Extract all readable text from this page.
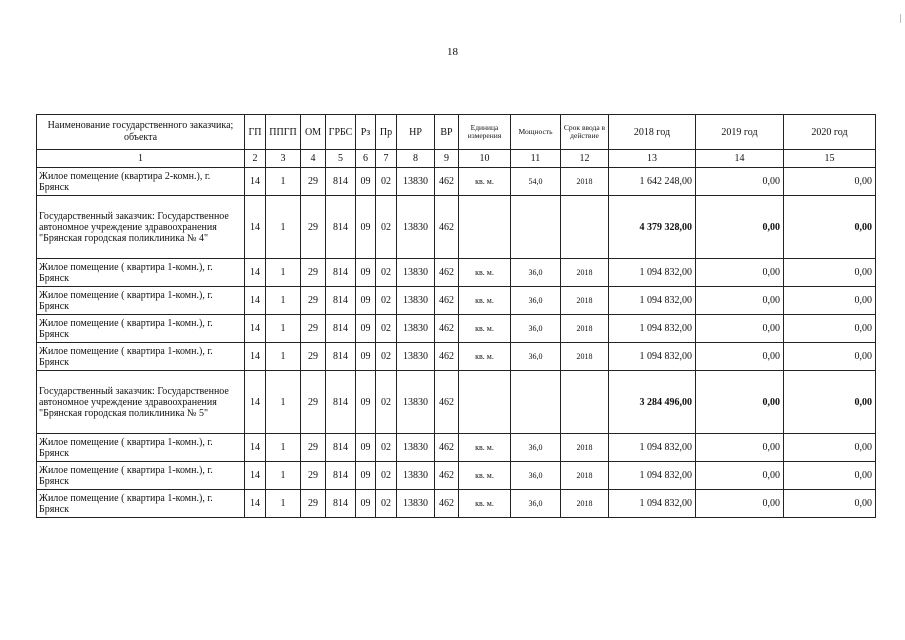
18
Наименование государственного заказчика; объекта	ГП	ППГП	ОМ	ГРБС	Рз	Пр	НР	ВР	Единица измерения	Мощность	Срок ввода в действие	2018 год	2019 год	2020 год
1	2	3	4	5	6	7	8	9	10	11	12	13	14	15
Жилое помещение (квартира 2-комн.), г. Брянск	14	1	29	814	09	02	13830	462	кв. м.	54,0	2018	1 642 248,00	0,00	0,00
Государственный заказчик: Государственное автономное учреждение здравоохранения "Брянская городская поликлиника № 4"	14	1	29	814	09	02	13830	462				4 379 328,00	0,00	0,00
Жилое помещение ( квартира 1-комн.), г. Брянск	14	1	29	814	09	02	13830	462	кв. м.	36,0	2018	1 094 832,00	0,00	0,00
Жилое помещение ( квартира 1-комн.), г. Брянск	14	1	29	814	09	02	13830	462	кв. м.	36,0	2018	1 094 832,00	0,00	0,00
Жилое помещение ( квартира 1-комн.), г. Брянск	14	1	29	814	09	02	13830	462	кв. м.	36,0	2018	1 094 832,00	0,00	0,00
Жилое помещение ( квартира 1-комн.), г. Брянск	14	1	29	814	09	02	13830	462	кв. м.	36,0	2018	1 094 832,00	0,00	0,00
Государственный заказчик: Государственное автономное учреждение здравоохранения "Брянская городская поликлиника № 5"	14	1	29	814	09	02	13830	462				3 284 496,00	0,00	0,00
Жилое помещение ( квартира 1-комн.), г. Брянск	14	1	29	814	09	02	13830	462	кв. м.	36,0	2018	1 094 832,00	0,00	0,00
Жилое помещение ( квартира 1-комн.), г. Брянск	14	1	29	814	09	02	13830	462	кв. м.	36,0	2018	1 094 832,00	0,00	0,00
Жилое помещение ( квартира 1-комн.), г. Брянск	14	1	29	814	09	02	13830	462	кв. м.	36,0	2018	1 094 832,00	0,00	0,00
